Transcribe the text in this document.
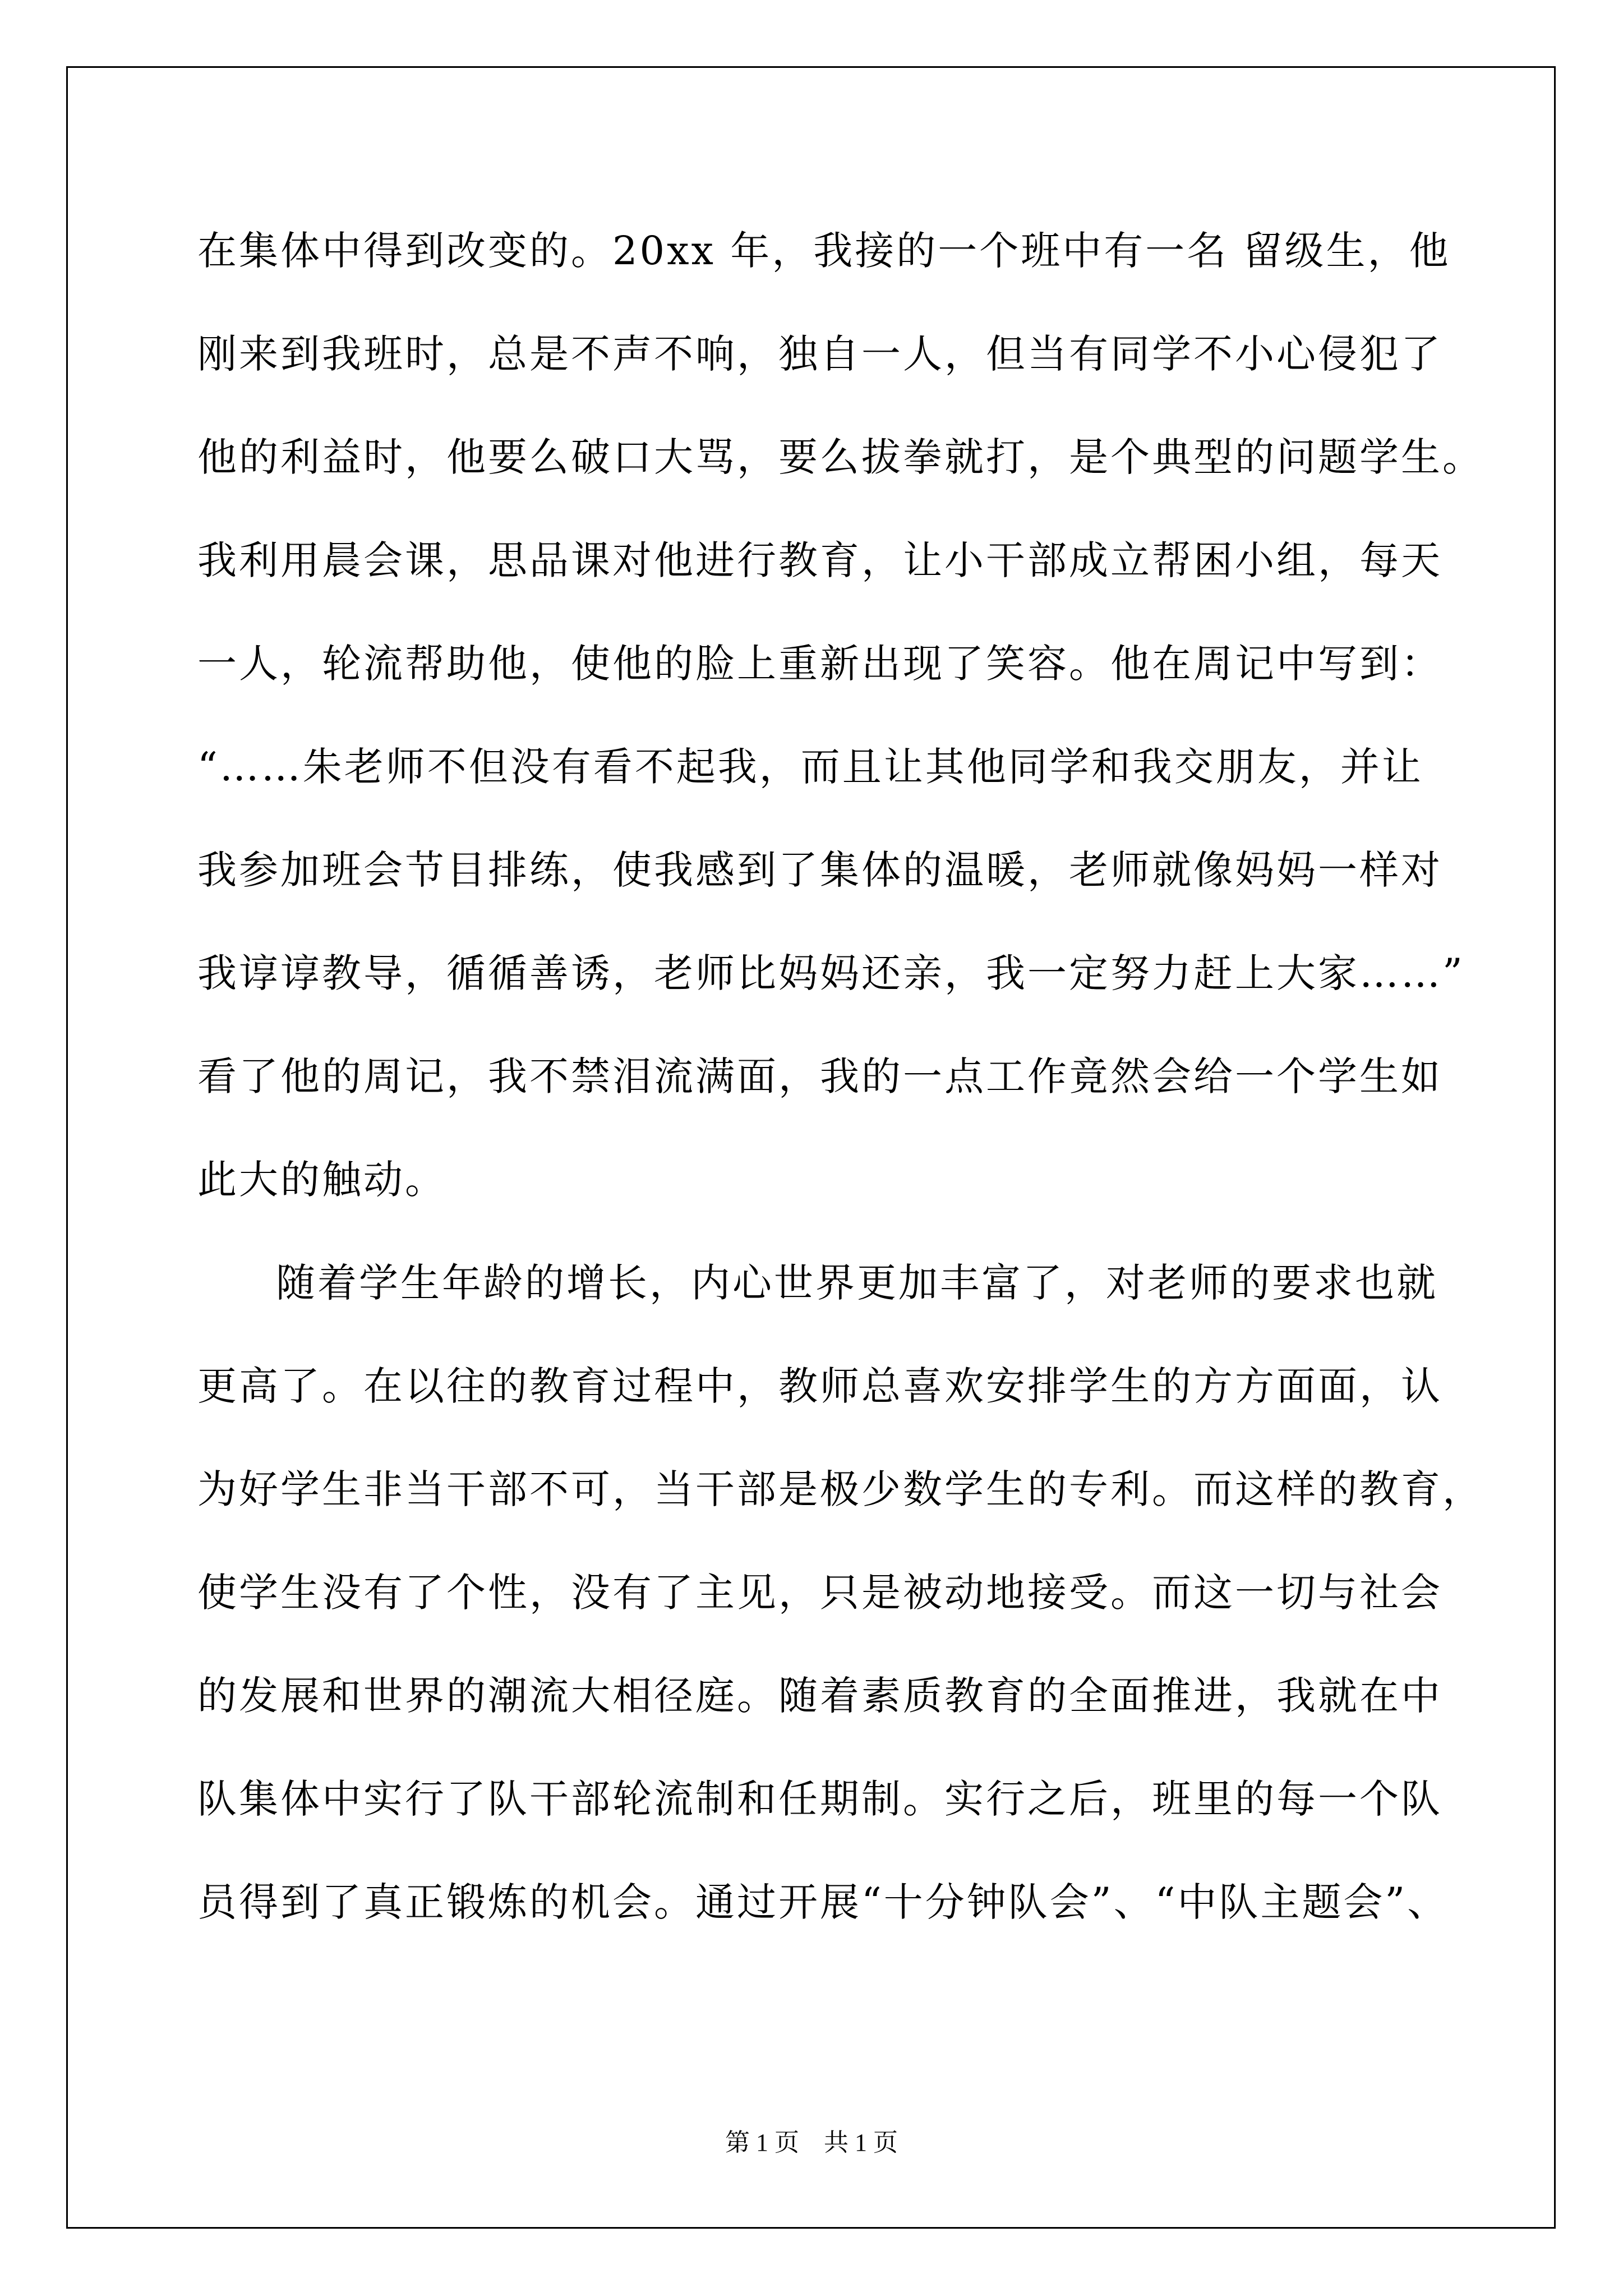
在集体中得到改变的。20xx 年，我接的一个班中有一名 留级生，他
刚来到我班时，总是不声不响，独自一人，但当有同学不小心侵犯了
他的利益时，他要么破口大骂，要么拔拳就打，是个典型的问题学生。
我利用晨会课，思品课对他进行教育，让小干部成立帮困小组，每天
一人，轮流帮助他，使他的脸上重新出现了笑容。他在周记中写到：
“……朱老师不但没有看不起我，而且让其他同学和我交朋友，并让
我参加班会节目排练，使我感到了集体的温暖，老师就像妈妈一样对
我谆谆教导，循循善诱，老师比妈妈还亲，我一定努力赶上大家……”
看了他的周记，我不禁泪流满面，我的一点工作竟然会给一个学生如
此大的触动。
随着学生年龄的增长，内心世界更加丰富了，对老师的要求也就
更高了。在以往的教育过程中，教师总喜欢安排学生的方方面面，认
为好学生非当干部不可，当干部是极少数学生的专利。而这样的教育，
使学生没有了个性，没有了主见，只是被动地接受。而这一切与社会
的发展和世界的潮流大相径庭。随着素质教育的全面推进，我就在中
队集体中实行了队干部轮流制和任期制。实行之后，班里的每一个队
员得到了真正锻炼的机会。通过开展“十分钟队会”、“中队主题会”、
第 1 页 共 1 页
